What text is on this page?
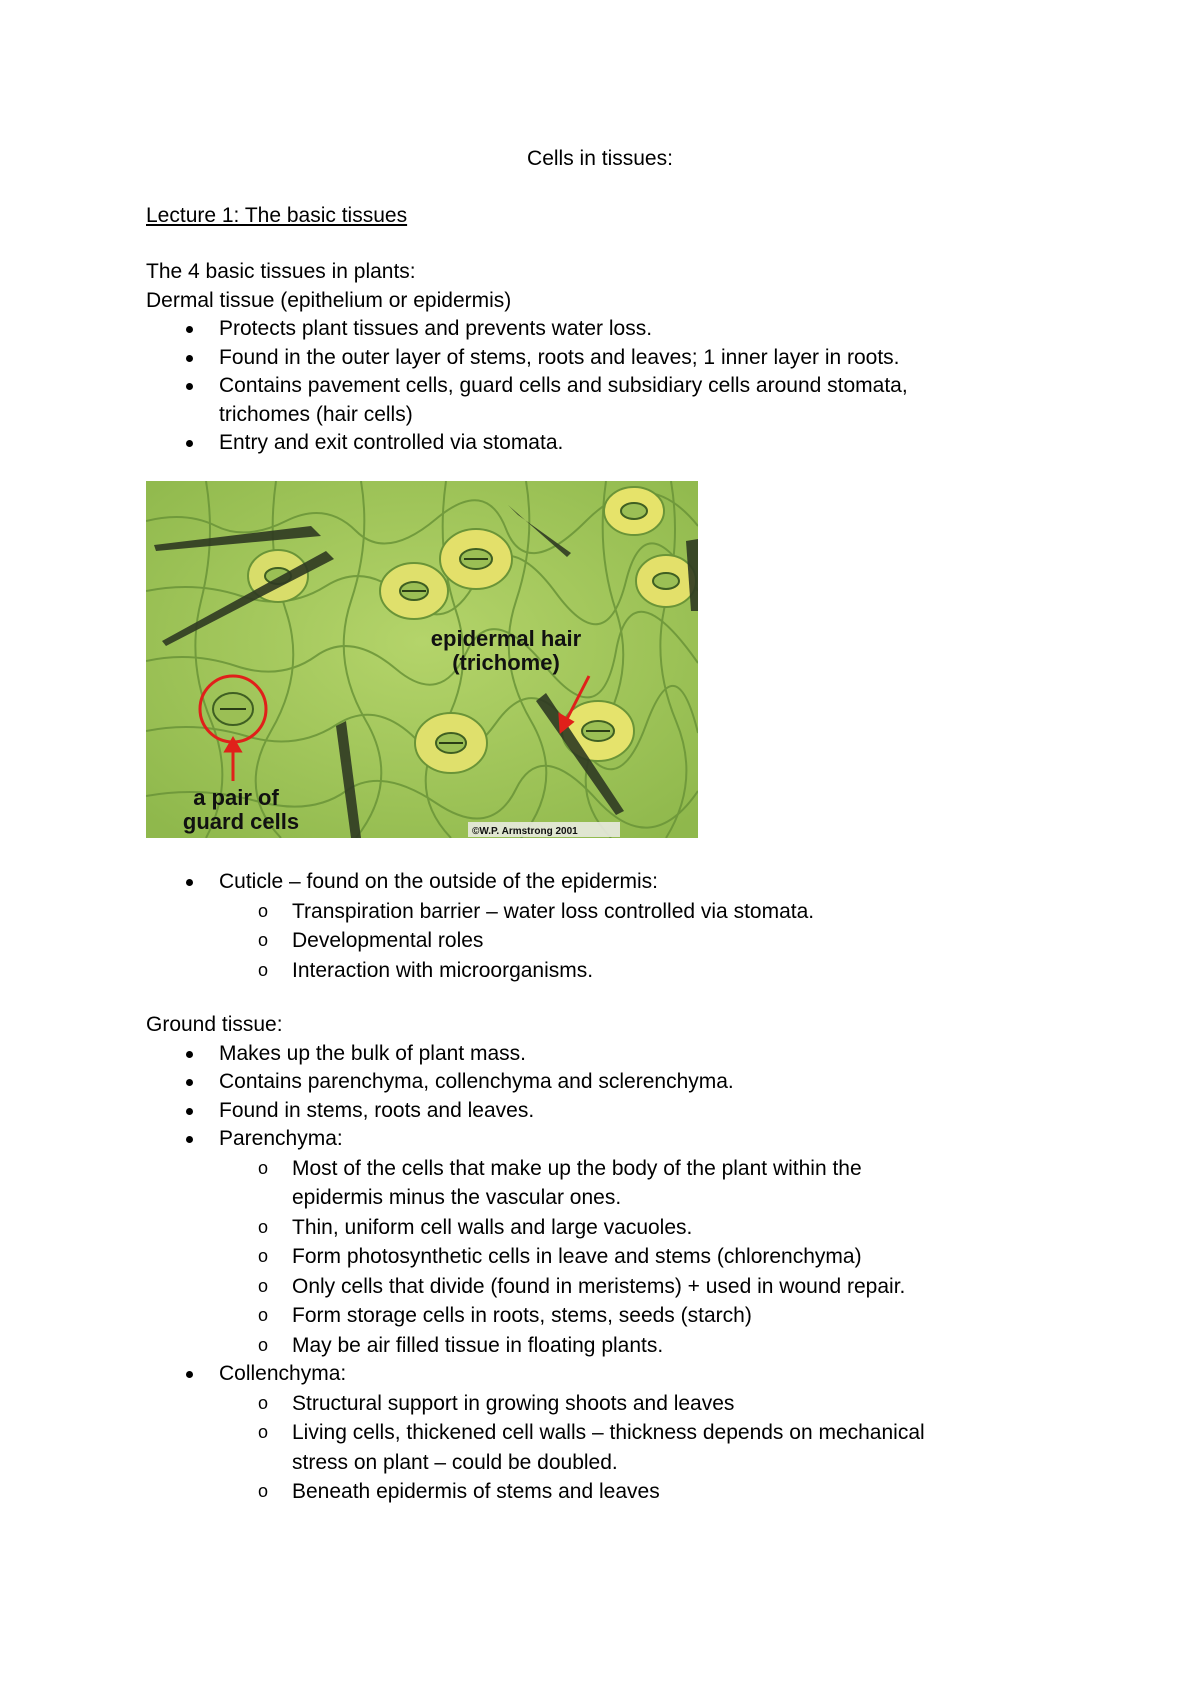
Cells in tissues:
Lecture 1: The basic tissues
The 4 basic tissues in plants:
Dermal tissue (epithelium or epidermis)
Protects plant tissues and prevents water loss.
Found in the outer layer of stems, roots and leaves; 1 inner layer in roots.
Contains pavement cells, guard cells and subsidiary cells around stomata,
trichomes (hair cells)
Entry and exit controlled via stomata.
epidermal hair
(trichome)
a pair of
guard cells	©W.P. Armstrong 2001
Cuticle – found on the outside of the epidermis:
o Transpiration barrier – water loss controlled via stomata.
o Developmental roles
o Interaction with microorganisms.
Ground tissue:
Makes up the bulk of plant mass.
Contains parenchyma, collenchyma and sclerenchyma.
Found in stems, roots and leaves.
Parenchyma:
o Most of the cells that make up the body of the plant within the
epidermis minus the vascular ones.
o Thin, uniform cell walls and large vacuoles.
o Form photosynthetic cells in leave and stems (chlorenchyma)
o Only cells that divide (found in meristems) + used in wound repair.
o Form storage cells in roots, stems, seeds (starch)
o May be air filled tissue in floating plants.
Collenchyma:
o Structural support in growing shoots and leaves
o Living cells, thickened cell walls – thickness depends on mechanical
stress on plant – could be doubled.
o Beneath epidermis of stems and leaves
